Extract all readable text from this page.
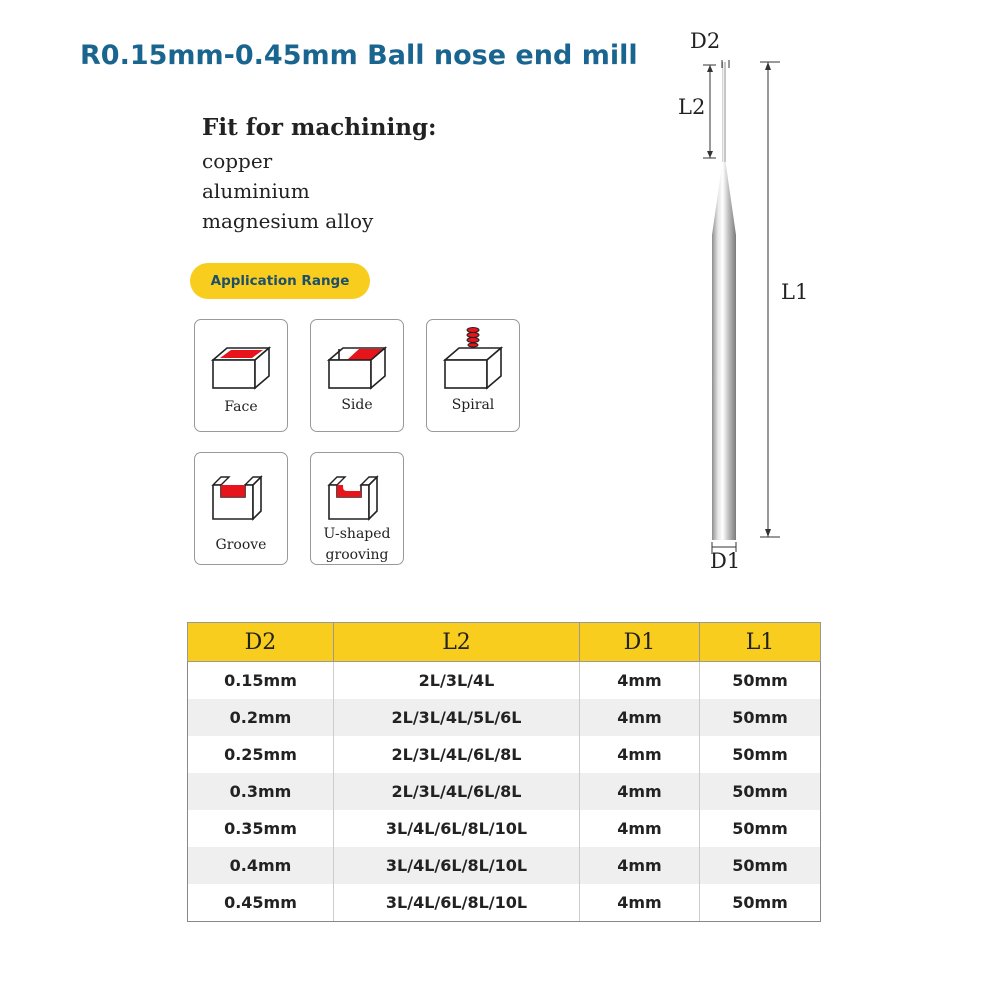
R0.15mm-0.45mm Ball nose end mill
Fit for machining:
copper
aluminium
magnesium alloy
Application Range
Face	Side	Spiral
Groove
U-shaped
grooving
D2
L2
L1
D1
D2	L2	D1	L1
0.15mm	2L/3L/4L	4mm	50mm
0.2mm	2L/3L/4L/5L/6L	4mm	50mm
0.25mm	2L/3L/4L/6L/8L	4mm	50mm
0.3mm	2L/3L/4L/6L/8L	4mm	50mm
0.35mm	3L/4L/6L/8L/10L	4mm	50mm
0.4mm	3L/4L/6L/8L/10L	4mm	50mm
0.45mm	3L/4L/6L/8L/10L	4mm	50mm
